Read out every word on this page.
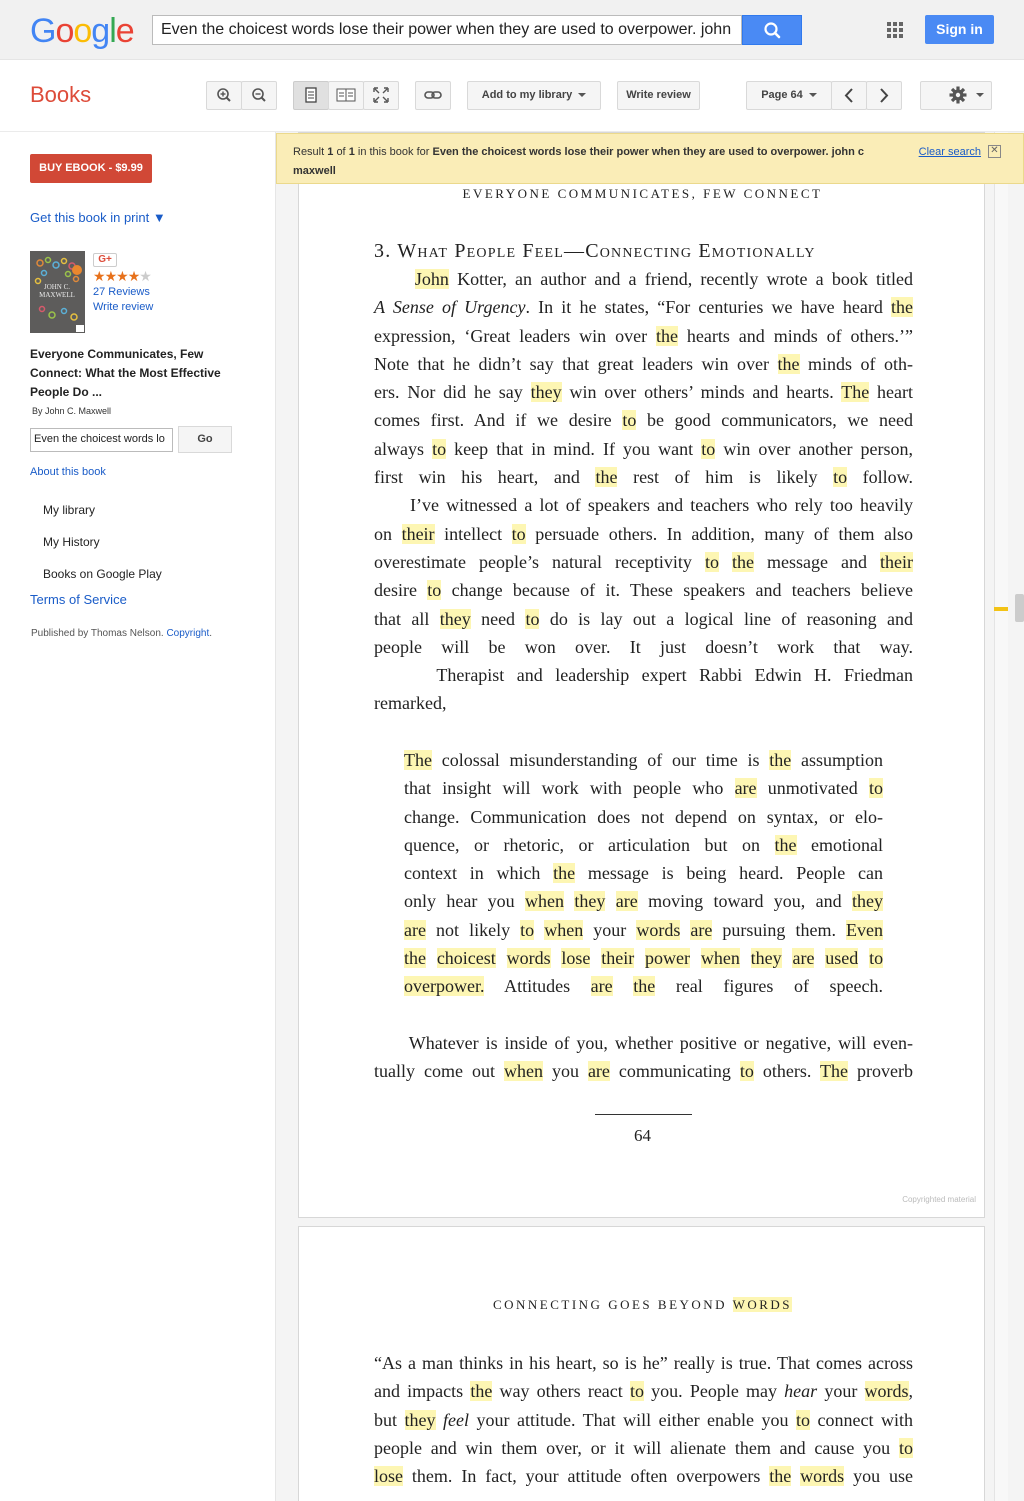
Google	Even the choicest words lose their power when they are used to overpower. john	Sign in
Books	Add to my library	Write review	Page 64
BUY EBOOK - $9.99
Get this book in print ▼
JOHN C.
MAXWELL
G+
★★★★★
27 Reviews
Write review
Everyone Communicates, Few Connect: What the Most Effective People Do ...
By John C. Maxwell
Even the choicest words lo	Go
About this book
My library
My History
Books on Google Play
Terms of Service
Published by Thomas Nelson. Copyright.
EVERYONE COMMUNICATES, FEW CONNECT
3. What People Feel—Connecting Emotionally
John Kotter, an author and a friend, recently wrote a book titled
A Sense of Urgency. In it he states, “For centuries we have heard the
expression, ‘Great leaders win over the hearts and minds of others.’”
Note that he didn’t say that great leaders win over the minds of oth-
ers. Nor did he say they win over others’ minds and hearts. The heart
comes first. And if we desire to be good communicators, we need
always to keep that in mind. If you want to win over another person,
first win his heart, and the rest of him is likely to follow.
I’ve witnessed a lot of speakers and teachers who rely too heavily
on their intellect to persuade others. In addition, many of them also
overestimate people’s natural receptivity to the message and their
desire to change because of it. These speakers and teachers believe
that all they need to do is lay out a logical line of reasoning and
people will be won over. It just doesn’t work that way.
Therapist and leadership expert Rabbi Edwin H. Friedman
remarked,
The colossal misunderstanding of our time is the assumption
that insight will work with people who are unmotivated to
change. Communication does not depend on syntax, or elo-
quence, or rhetoric, or articulation but on the emotional
context in which the message is being heard. People can
only hear you when they are moving toward you, and they
are not likely to when your words are pursuing them. Even
the choicest words lose their power when they are used to
overpower. Attitudes are the real figures of speech.
Whatever is inside of you, whether positive or negative, will even-
tually come out when you are communicating to others. The proverb
64
Copyrighted material
CONNECTING GOES BEYOND WORDS
“As a man thinks in his heart, so is he” really is true. That comes across
and impacts the way others react to you. People may hear your words,
but they feel your attitude. That will either enable you to connect with
people and win them over, or it will alienate them and cause you to
lose them. In fact, your attitude often overpowers the words you use
Result 1 of 1 in this book for Even the choicest words lose their power when they are used to overpower. john c maxwell
Clear search ✕
